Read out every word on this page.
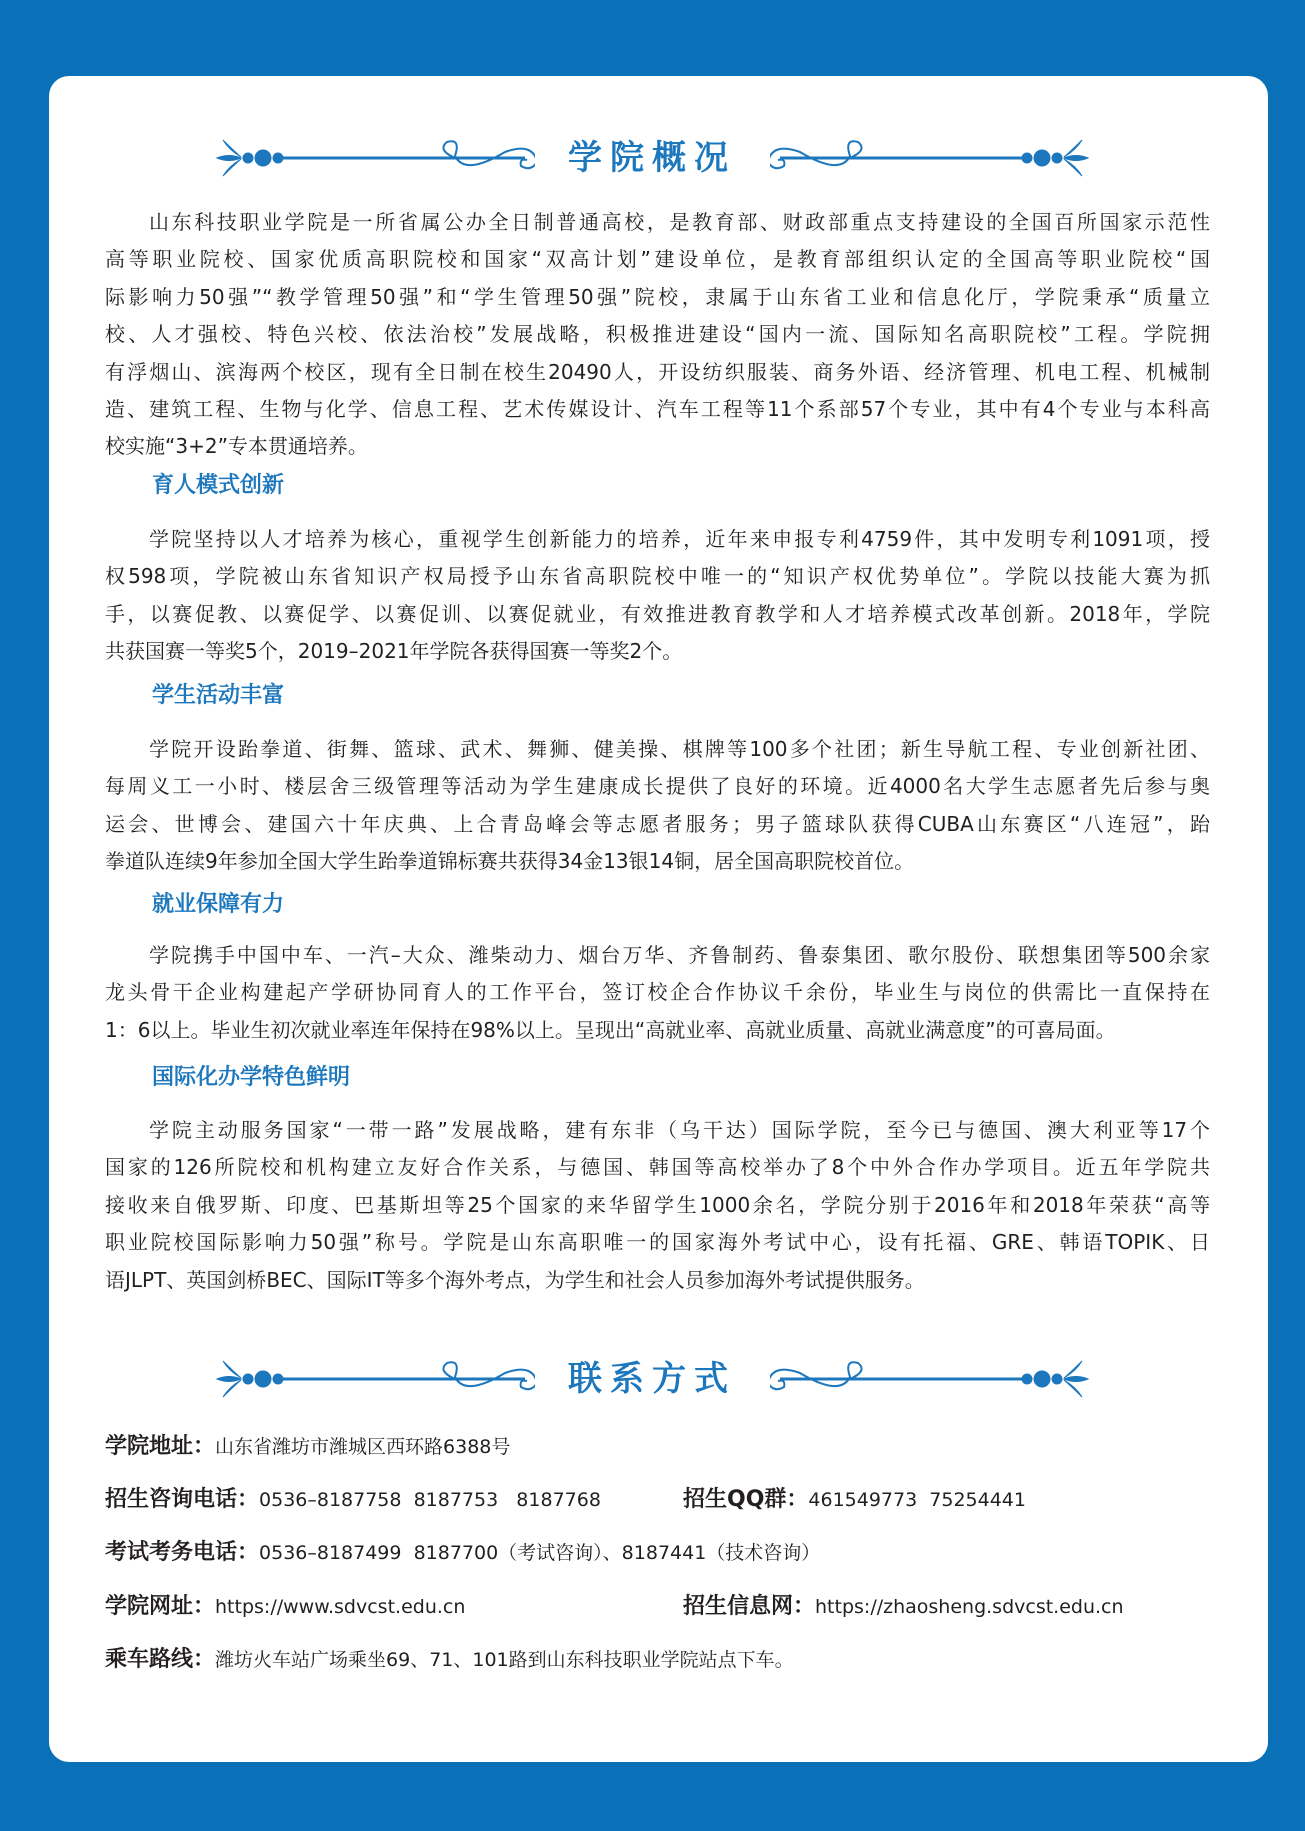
学院概况
山东科技职业学院是一所省属公办全日制普通高校，是教育部、财政部重点支持建设的全国百所国家示范性
高等职业院校、国家优质高职院校和国家“双高计划”建设单位，是教育部组织认定的全国高等职业院校“国
际影响力50强”“教学管理50强”和“学生管理50强”院校，隶属于山东省工业和信息化厅，学院秉承“质量立
校、人才强校、特色兴校、依法治校”发展战略，积极推进建设“国内一流、国际知名高职院校”工程。学院拥
有浮烟山、滨海两个校区，现有全日制在校生20490人，开设纺织服装、商务外语、经济管理、机电工程、机械制
造、建筑工程、生物与化学、信息工程、艺术传媒设计、汽车工程等11个系部57个专业，其中有4个专业与本科高
校实施“3+2”专本贯通培养。
育人模式创新
学院坚持以人才培养为核心，重视学生创新能力的培养，近年来申报专利4759件，其中发明专利1091项，授
权598项，学院被山东省知识产权局授予山东省高职院校中唯一的“知识产权优势单位”。学院以技能大赛为抓
手，以赛促教、以赛促学、以赛促训、以赛促就业，有效推进教育教学和人才培养模式改革创新。2018年，学院
共获国赛一等奖5个，2019–2021年学院各获得国赛一等奖2个。
学生活动丰富
学院开设跆拳道、街舞、篮球、武术、舞狮、健美操、棋牌等100多个社团；新生导航工程、专业创新社团、
每周义工一小时、楼层舍三级管理等活动为学生建康成长提供了良好的环境。近4000名大学生志愿者先后参与奥
运会、世博会、建国六十年庆典、上合青岛峰会等志愿者服务；男子篮球队获得CUBA山东赛区“八连冠”，跆
拳道队连续9年参加全国大学生跆拳道锦标赛共获得34金13银14铜，居全国高职院校首位。
就业保障有力
学院携手中国中车、一汽–大众、潍柴动力、烟台万华、齐鲁制药、鲁泰集团、歌尔股份、联想集团等500余家
龙头骨干企业构建起产学研协同育人的工作平台，签订校企合作协议千余份，毕业生与岗位的供需比一直保持在
1：6以上。毕业生初次就业率连年保持在98%以上。呈现出“高就业率、高就业质量、高就业满意度”的可喜局面。
国际化办学特色鲜明
学院主动服务国家“一带一路”发展战略，建有东非（乌干达）国际学院，至今已与德国、澳大利亚等17个
国家的126所院校和机构建立友好合作关系，与德国、韩国等高校举办了8个中外合作办学项目。近五年学院共
接收来自俄罗斯、印度、巴基斯坦等25个国家的来华留学生1000余名，学院分别于2016年和2018年荣获“高等
职业院校国际影响力50强”称号。学院是山东高职唯一的国家海外考试中心，设有托福、GRE、韩语TOPIK、日
语JLPT、英国剑桥BEC、国际IT等多个海外考点，为学生和社会人员参加海外考试提供服务。
联系方式
学院地址：山东省潍坊市潍城区西环路6388号
招生咨询电话：0536–8187758  8187753   8187768	招生QQ群：461549773  75254441
考试考务电话：0536–8187499  8187700（考试咨询）、8187441（技术咨询）
学院网址：https://www.sdvcst.edu.cn	招生信息网：https://zhaosheng.sdvcst.edu.cn
乘车路线：潍坊火车站广场乘坐69、71、101路到山东科技职业学院站点下车。
